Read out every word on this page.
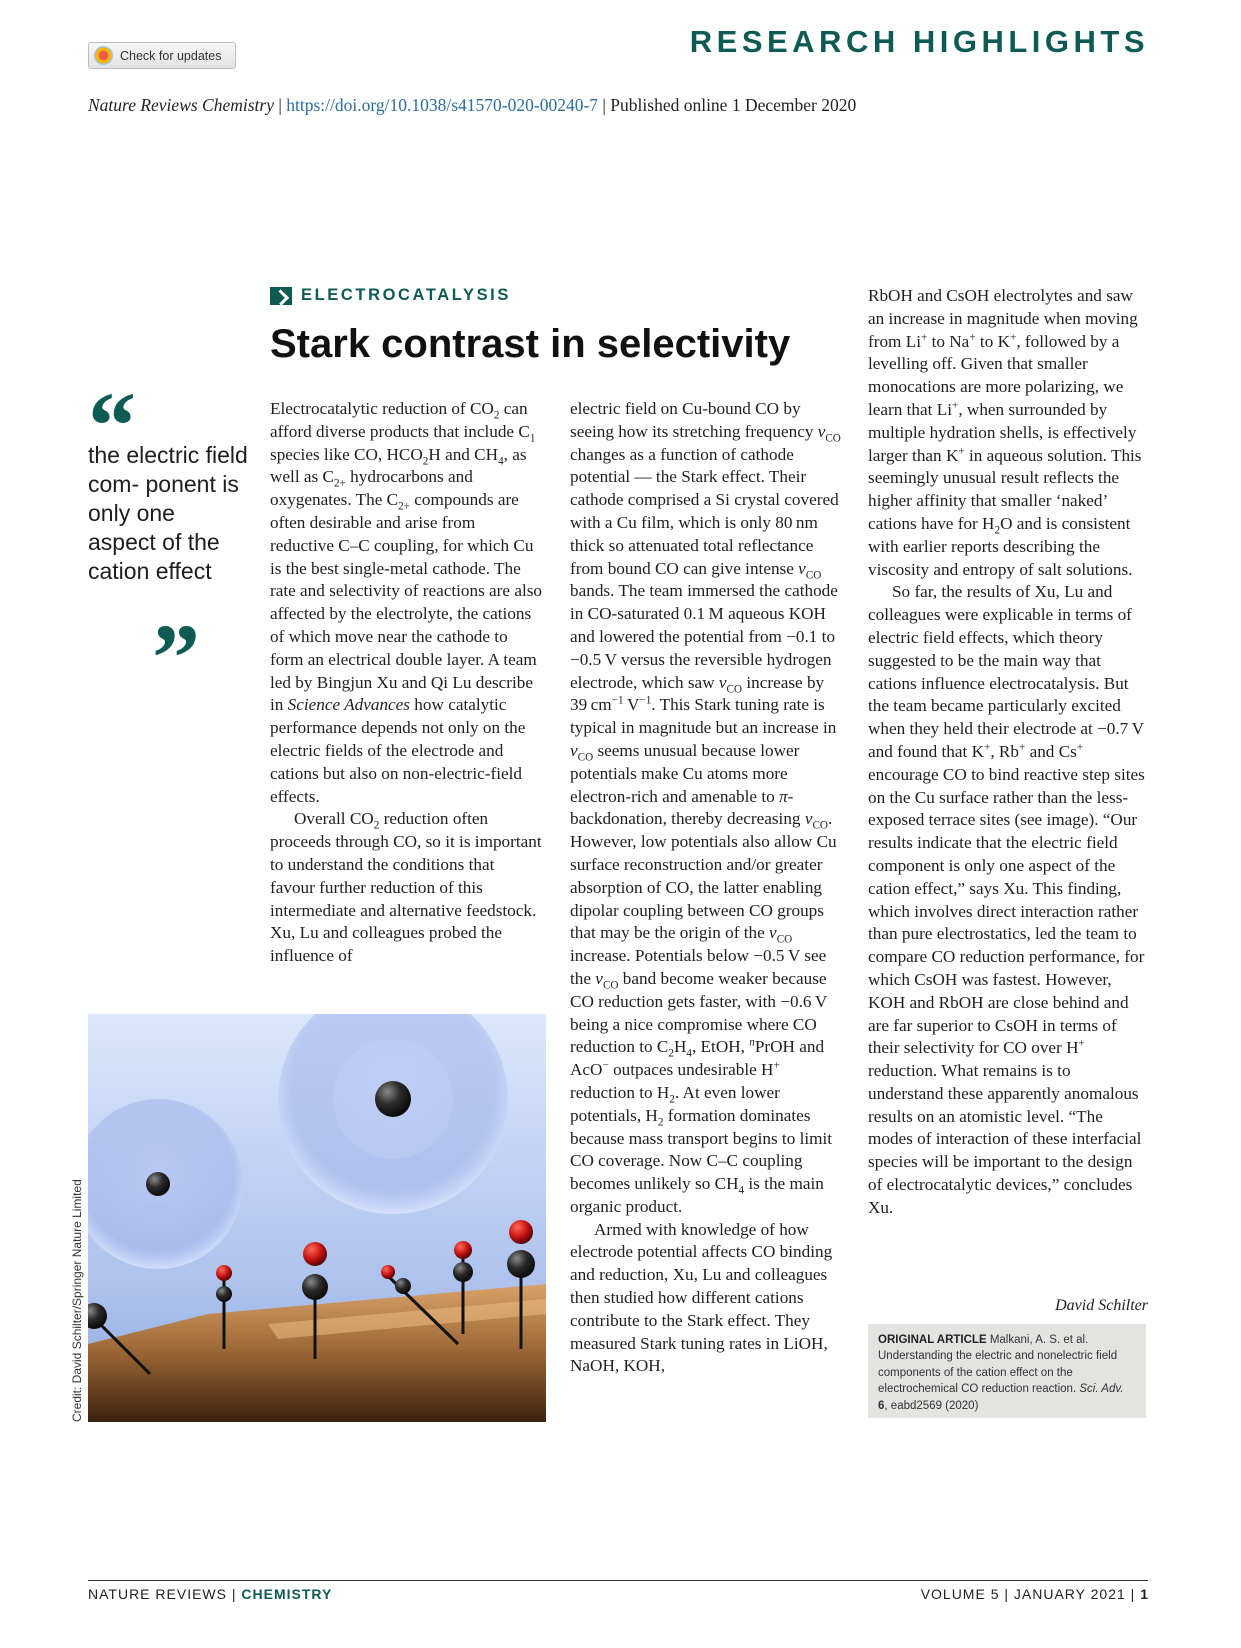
Check for updates	RESEARCH HIGHLIGHTS
Nature Reviews Chemistry | https://doi.org/10.1038/s41570-020-00240-7 | Published online 1 December 2020
ELECTROCATALYSIS
Stark contrast in selectivity
the electric field com- ponent is only one aspect of the cation effect

Electrocatalytic reduction of $CO_2$ can afford diverse products that include $C_1$ species like CO, $HCO_2H$ and $CH_4$, as well as $C_{2+}$ hydrocarbons and oxygenates. The $C_{2+}$ compounds are often desirable and arise from reductive C–C coupling, for which Cu is the best single-metal cathode. The rate and selectivity of reactions are also affected by the electrolyte, the cations of which move near the cathode to form an electrical double layer. A team led by Bingjun Xu and Qi Lu describe in Science Advances how catalytic performance depends not only on the electric fields of the electrode and cations but also on non-electric-field effects.

Overall $CO_2$ reduction often proceeds through CO, so it is important to understand the conditions that favour further reduction of this intermediate and alternative feedstock. Xu, Lu and colleagues probed the influence of

Credit: David Schilter/Springer Nature Limited

electric field on Cu-bound CO by seeing how its stretching frequency $\nu_{CO}$ changes as a function of cathode potential — the Stark effect. Their cathode comprised a Si crystal covered with a Cu film, which is only 80 nm thick so attenuated total reflectance from bound CO can give intense $\nu_{CO}$ bands. The team immersed the cathode in CO-saturated 0.1 M aqueous KOH and lowered the potential from −0.1 to −0.5 V versus the reversible hydrogen electrode, which saw $\nu_{CO}$ increase by 39 $cm^{-1}$ $V^{-1}$. This Stark tuning rate is typical in magnitude but an increase in $\nu_{CO}$ seems unusual because lower potentials make Cu atoms more electron-rich and amenable to π-backdonation, thereby decreasing $\nu_{CO}$. However, low potentials also allow Cu surface reconstruction and/or greater absorption of CO, the latter enabling dipolar coupling between CO groups that may be the origin of the $\nu_{CO}$ increase. Potentials below −0.5 V see the $\nu_{CO}$ band become weaker because CO reduction gets faster, with −0.6 V being a nice compromise where CO reduction to $C_2H_4$, EtOH, $^n$PrOH and AcO− outpaces undesirable H+ reduction to $H_2$. At even lower potentials, $H_2$ formation dominates because mass transport begins to limit CO coverage. Now C–C coupling becomes unlikely so $CH_4$ is the main organic product.

Armed with knowledge of how electrode potential affects CO binding and reduction, Xu, Lu and colleagues then studied how different cations contribute to the Stark effect. They measured Stark tuning rates in LiOH, NaOH, KOH,

RbOH and CsOH electrolytes and saw an increase in magnitude when moving from Li+ to Na+ to K+, followed by a levelling off. Given that smaller monocations are more polarizing, we learn that Li+, when surrounded by multiple hydration shells, is effectively larger than K+ in aqueous solution. This seemingly unusual result reflects the higher affinity that smaller ‘naked’ cations have for $H_2O$ and is consistent with earlier reports describing the viscosity and entropy of salt solutions.

So far, the results of Xu, Lu and colleagues were explicable in terms of electric field effects, which theory suggested to be the main way that cations influence electrocatalysis. But the team became particularly excited when they held their electrode at −0.7 V and found that K+, Rb+ and Cs+ encourage CO to bind reactive step sites on the Cu surface rather than the less-exposed terrace sites (see image). “Our results indicate that the electric field component is only one aspect of the cation effect,” says Xu. This finding, which involves direct interaction rather than pure electrostatics, led the team to compare CO reduction performance, for which CsOH was fastest. However, KOH and RbOH are close behind and are far superior to CsOH in terms of their selectivity for CO over H+ reduction. What remains is to understand these apparently anomalous results on an atomistic level. “The modes of interaction of these interfacial species will be important to the design of electrocatalytic devices,” concludes Xu.

David Schilter
ORIGINAL ARTICLE Malkani, A. S. et al. Understanding the electric and nonelectric field components of the cation effect on the electrochemical CO reduction reaction. Sci. Adv. 6, eabd2569 (2020)
NATURE REVIEWS | CHEMISTRY	VOLUME 5 | JANUARY 2021 | 1
